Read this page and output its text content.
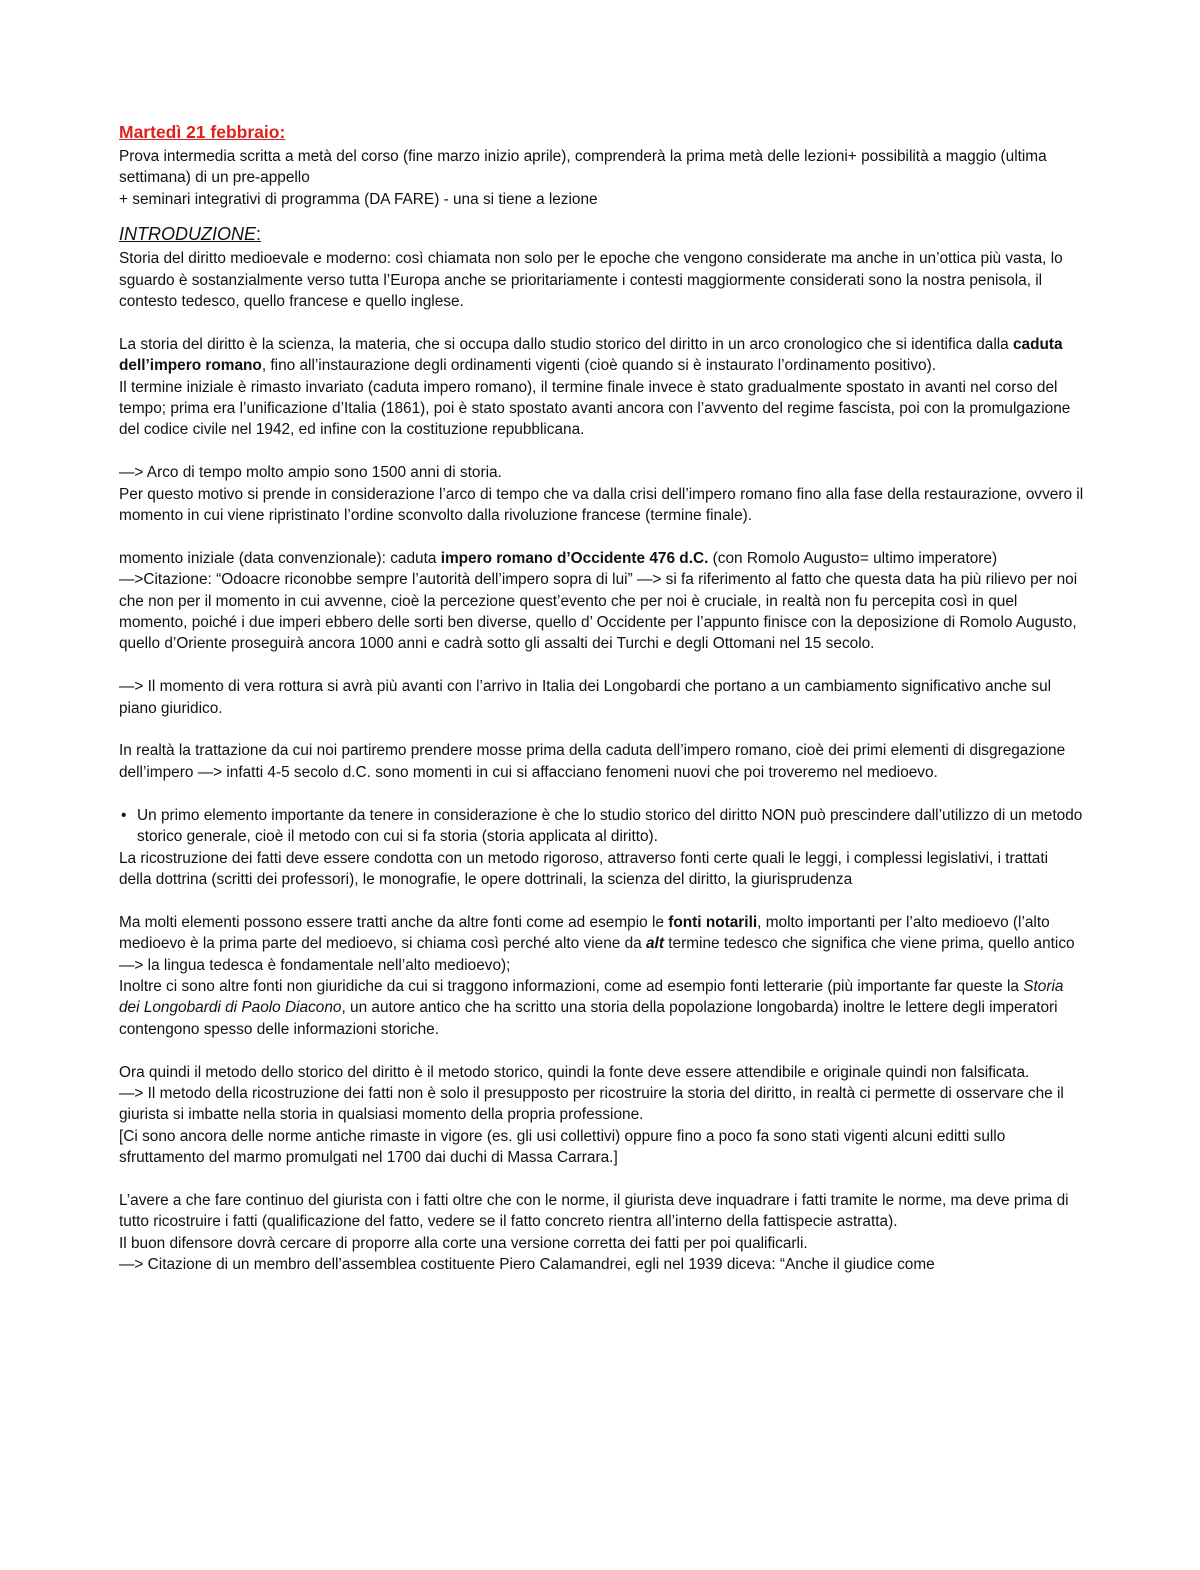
Martedì 21 febbraio:

Prova intermedia scritta a metà del corso (fine marzo inizio aprile), comprenderà la prima metà delle lezioni+ possibilità a maggio (ultima settimana) di un pre-appello

+ seminari integrativi di programma (DA FARE) - una si tiene a lezione

INTRODUZIONE:

Storia del diritto medioevale e moderno: così chiamata non solo per le epoche che vengono considerate ma anche in un’ottica più vasta, lo sguardo è sostanzialmente verso tutta l’Europa anche se prioritariamente i contesti maggiormente considerati sono la nostra penisola, il contesto tedesco, quello francese e quello inglese.

La storia del diritto è la scienza, la materia, che si occupa dallo studio storico del diritto in un arco cronologico che si identifica dalla caduta dell’impero romano, fino all’instaurazione degli ordinamenti vigenti (cioè quando si è instaurato l’ordinamento positivo).

Il termine iniziale è rimasto invariato (caduta impero romano), il termine finale invece è stato gradualmente spostato in avanti nel corso del tempo; prima era l’unificazione d’Italia (1861), poi è stato spostato avanti ancora con l’avvento del regime fascista, poi con la promulgazione del codice civile nel 1942, ed infine con la costituzione repubblicana.

—> Arco di tempo molto ampio sono 1500 anni di storia.

Per questo motivo si prende in considerazione l’arco di tempo che va dalla crisi dell’impero romano fino alla fase della restaurazione, ovvero il momento in cui viene ripristinato l’ordine sconvolto dalla rivoluzione francese (termine finale).

momento iniziale (data convenzionale): caduta impero romano d’Occidente 476 d.C. (con Romolo Augusto= ultimo imperatore)

—>Citazione: “Odoacre riconobbe sempre l’autorità dell’impero sopra di lui” —> si fa riferimento al fatto che questa data ha più rilievo per noi che non per il momento in cui avvenne, cioè la percezione quest’evento che per noi è cruciale, in realtà non fu percepita così in quel momento, poiché i due imperi ebbero delle sorti ben diverse, quello d’ Occidente per l’appunto finisce con la deposizione di Romolo Augusto, quello d’Oriente proseguirà ancora 1000 anni e cadrà sotto gli assalti dei Turchi e degli Ottomani nel 15 secolo.

—> Il momento di vera rottura si avrà più avanti con l’arrivo in Italia dei Longobardi che portano a un cambiamento significativo anche sul piano giuridico.

In realtà la trattazione da cui noi partiremo prendere mosse prima della caduta dell’impero romano, cioè dei primi elementi di disgregazione dell’impero —> infatti 4-5 secolo d.C. sono momenti in cui si affacciano fenomeni nuovi che poi troveremo nel medioevo.

• Un primo elemento importante da tenere in considerazione è che lo studio storico del diritto NON può prescindere dall’utilizzo di un metodo storico generale, cioè il metodo con cui si fa storia (storia applicata al diritto).

La ricostruzione dei fatti deve essere condotta con un metodo rigoroso, attraverso fonti certe quali le leggi, i complessi legislativi, i trattati della dottrina (scritti dei professori), le monografie, le opere dottrinali, la scienza del diritto, la giurisprudenza

Ma molti elementi possono essere tratti anche da altre fonti come ad esempio le fonti notarili, molto importanti per l’alto medioevo (l’alto medioevo è la prima parte del medioevo, si chiama così perché alto viene da alt termine tedesco che significa che viene prima, quello antico —> la lingua tedesca è fondamentale nell’alto medioevo);

Inoltre ci sono altre fonti non giuridiche da cui si traggono informazioni, come ad esempio fonti letterarie (più importante far queste la Storia dei Longobardi di Paolo Diacono, un autore antico che ha scritto una storia della popolazione longobarda) inoltre le lettere degli imperatori contengono spesso delle informazioni storiche.

Ora quindi il metodo dello storico del diritto è il metodo storico, quindi la fonte deve essere attendibile e originale quindi non falsificata.

—> Il metodo della ricostruzione dei fatti non è solo il presupposto per ricostruire la storia del diritto, in realtà ci permette di osservare che il giurista si imbatte nella storia in qualsiasi momento della propria professione.

[Ci sono ancora delle norme antiche rimaste in vigore (es. gli usi collettivi) oppure fino a poco fa sono stati vigenti alcuni editti sullo sfruttamento del marmo promulgati nel 1700 dai duchi di Massa Carrara.]

L’avere a che fare continuo del giurista con i fatti oltre che con le norme, il giurista deve inquadrare i fatti tramite le norme, ma deve prima di tutto ricostruire i fatti (qualificazione del fatto, vedere se il fatto concreto rientra all’interno della fattispecie astratta).

Il buon difensore dovrà cercare di proporre alla corte una versione corretta dei fatti per poi qualificarli.

—> Citazione di un membro dell’assemblea costituente Piero Calamandrei, egli nel 1939 diceva: “Anche il giudice come
